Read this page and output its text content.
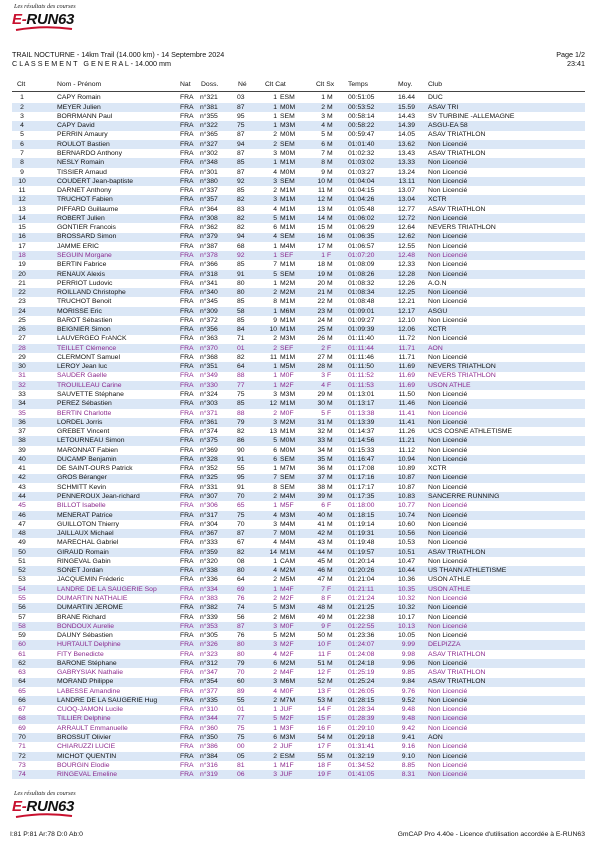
Les résultats des courses
E-RUN63
TRAIL NOCTURNE - 14km Trail (14.000 km) - 14 Septembre 2024
C L A S S E M E N T   G E N E R A L - 14.000 mm
Page 1/2
23:41
Clt	Nom - Prénom	Nat Doss.	Né	Clt Cat	Clt Sx Temps	Moy. Club
1	CAPY Romain	FRA n°321	03	1 ESM	1 M	00:51:05	16.44 DUC
2	MEYER Julien	FRA n°381	87	1 M0M	2 M	00:53:52	15.59 ASAV TRI
3	BORRMANN Paul	FRA n°355	95	1 SEM	3 M	00:58:14	14.43 SV TURBINE -ALLEMAGNE
4	CAPY David	FRA n°322	75	1 M3M	4 M	00:58:22	14.39 ASGU-EA 58
5	PERRIN Amaury	FRA n°365	87	2 M0M	5 M	00:59:47	14.05 ASAV TRIATHLON
6	ROULOT Bastien	FRA n°327	94	2 SEM	6 M	01:01:40	13.62 Non Licencié
7	BERNARDO Anthony	FRA n°302	87	3 M0M	7 M	01:02:32	13.43 ASAV TRIATHLON
8	NESLY Romain	FRA n°348	85	1 M1M	8 M	01:03:02	13.33 Non Licencié
9	TISSIER Arnaud	FRA n°301	87	4 M0M	9 M	01:03:27	13.24 Non Licencié
10	COUDERT Jean-baptiste	FRA n°380	92	3 SEM	10 M	01:04:04	13.11 Non Licencié
11	DARNET Anthony	FRA n°337	85	2 M1M	11 M	01:04:15	13.07 Non Licencié
12	TRUCHOT Fabien	FRA n°357	82	3 M1M	12 M	01:04:26	13.04 XCTR
13	PIFFARD Guillaume	FRA n°364	83	4 M1M	13 M	01:05:48	12.77 ASAV TRIATHLON
14	ROBERT Julien	FRA n°308	82	5 M1M	14 M	01:06:02	12.72 Non Licencié
15	GONTIER Francois	FRA n°362	82	6 M1M	15 M	01:06:29	12.64 NEVERS TRIATHLON
16	BROSSARD Simon	FRA n°379	94	4 SEM	16 M	01:06:35	12.62 Non Licencié
17	JAMME ERIC	FRA n°387	68	1 M4M	17 M	01:06:57	12.55 Non Licencié
18	SEGUIN Morgane	FRA n°378	92	1 SEF	1 F	01:07:20	12.48 Non Licencié
19	BERTIN Fabrice	FRA n°366	85	7 M1M	18 M	01:08:09	12.33 Non Licencié
20	RENAUX Alexis	FRA n°318	91	5 SEM	19 M	01:08:26	12.28 Non Licencié
21	PERRIOT Ludovic	FRA n°341	80	1 M2M	20 M	01:08:32	12.26 A.O.N
22	ROILLAND Christophe	FRA n°340	80	2 M2M	21 M	01:08:34	12.25 Non Licencié
23	TRUCHOT Benoit	FRA n°345	85	8 M1M	22 M	01:08:48	12.21 Non Licencié
24	MORISSE Eric	FRA n°309	58	1 M6M	23 M	01:09:01	12.17 ASGU
25	BAROT Sébastien	FRA n°372	85	9 M1M	24 M	01:09:27	12.10 Non Licencié
26	BEIGNIER Simon	FRA n°356	84	10 M1M	25 M	01:09:39	12.06 XCTR
27	LAUVERGEO FrANCK	FRA n°363	71	2 M3M	26 M	01:11:40	11.72 Non Licencié
28	TEILLET Clémence	FRA n°370	01	2 SEF	2 F	01:11:44	11.71 AON
29	CLERMONT Samuel	FRA n°368	82	11 M1M	27 M	01:11:46	11.71 Non Licencié
30	LEROY Jean luc	FRA n°351	64	1 M5M	28 M	01:11:50	11.69 NEVERS TRIATHLON
31	SAUDER Gaelle	FRA n°349	88	1 M0F	3 F	01:11:52	11.69 NEVERS TRIATHLON
32	TROUILLEAU Carine	FRA n°330	77	1 M2F	4 F	01:11:53	11.69 USON ATHLE
33	SAUVETTE Stéphane	FRA n°324	75	3 M3M	29 M	01:13:01	11.50 Non Licencié
34	PEREZ Sébastien	FRA n°303	85	12 M1M	30 M	01:13:17	11.46 Non Licencié
35	BERTIN Charlotte	FRA n°371	88	2 M0F	5 F	01:13:38	11.41 Non Licencié
36	LORDEL Jorris	FRA n°361	79	3 M2M	31 M	01:13:39	11.41 Non Licencié
37	GREBET Vincent	FRA n°374	82	13 M1M	32 M	01:14:37	11.26 UCS COSNE ATHLETISME
38	LETOURNEAU Simon	FRA n°375	86	5 M0M	33 M	01:14:56	11.21 Non Licencié
39	MARONNAT Fabien	FRA n°369	90	6 M0M	34 M	01:15:33	11.12 Non Licencié
40	DUCAMP Benjamin	FRA n°328	91	6 SEM	35 M	01:16:47	10.94 Non Licencié
41	DE SAINT-OURS Patrick	FRA n°352	55	1 M7M	36 M	01:17:08	10.89 XCTR
42	GROS Béranger	FRA n°325	95	7 SEM	37 M	01:17:16	10.87 Non Licencié
43	SCHMITT Kevin	FRA n°331	91	8 SEM	38 M	01:17:17	10.87 Non Licencié
44	PENNEROUX Jean-richard	FRA n°307	70	2 M4M	39 M	01:17:35	10.83 SANCERRE RUNNING
45	BILLOT Isabelle	FRA n°306	65	1 M5F	6 F	01:18:00	10.77 Non Licencié
46	MENERAT Patrice	FRA n°317	75	4 M3M	40 M	01:18:15	10.74 Non Licencié
47	GUILLOTON Thierry	FRA n°304	70	3 M4M	41 M	01:19:14	10.60 Non Licencié
48	JAILLAUX Michael	FRA n°367	87	7 M0M	42 M	01:19:31	10.56 Non Licencié
49	MARECHAL Gabriel	FRA n°333	67	4 M4M	43 M	01:19:48	10.53 Non Licencié
50	GIRAUD Romain	FRA n°359	82	14 M1M	44 M	01:19:57	10.51 ASAV TRIATHLON
51	RINGEVAL Gabin	FRA n°320	08	1 CAM	45 M	01:20:14	10.47 Non Licencié
52	SONET Jordan	FRA n°338	80	4 M2M	46 M	01:20:26	10.44 US THANN ATHLETISME
53	JACQUEMIN Fréderic	FRA n°336	64	2 M5M	47 M	01:21:04	10.36 USON ATHLE
54	LANDRE DE LA SAUGERIE Sop	FRA n°334	69	1 M4F	7 F	01:21:11	10.35 USON ATHLE
55	DUMARTIN NATHALIE	FRA n°383	76	2 M2F	8 F	01:21:24	10.32 Non Licencié
56	DUMARTIN JEROME	FRA n°382	74	5 M3M	48 M	01:21:25	10.32 Non Licencié
57	BRANE Richard	FRA n°339	56	2 M6M	49 M	01:22:38	10.17 Non Licencié
58	BONDOUX Aurelie	FRA n°353	87	3 M0F	9 F	01:22:55	10.13 Non Licencié
59	DAUNY Sébastien	FRA n°305	76	5 M2M	50 M	01:23:36	10.05 Non Licencié
60	HURTAULT Delphine	FRA n°326	80	3 M2F	10 F	01:24:07	9.99 DELPIZZA
61	FITY Benedicte	FRA n°323	80	4 M2F	11 F	01:24:08	9.98 ASAV TRIATHLON
62	BARONE Stéphane	FRA n°312	79	6 M2M	51 M	01:24:18	9.96 Non Licencié
63	GABRYSIAK Nathalie	FRA n°347	70	2 M4F	12 F	01:25:19	9.85 ASAV TRIATHLON
64	MORAND Philippe	FRA n°354	60	3 M6M	52 M	01:25:24	9.84 ASAV TRIATHLON
65	LABESSE Amandine	FRA n°377	89	4 M0F	13 F	01:26:05	9.76 Non Licencié
66	LANDRE DE LA SAUGERIE Hug	FRA n°335	55	2 M7M	53 M	01:28:15	9.52 Non Licencié
67	CUOQ-JAMON Lucile	FRA n°310	01	1 JUF	14 F	01:28:34	9.48 Non Licencié
68	TILLIER Delphine	FRA n°344	77	5 M2F	15 F	01:28:39	9.48 Non Licencié
69	ARRAULT Emmanuelle	FRA n°360	75	1 M3F	16 F	01:29:10	9.42 Non Licencié
70	BROSSUT Olivier	FRA n°350	75	6 M3M	54 M	01:29:18	9.41 AON
71	CHIARUZZI LUCIE	FRA n°386	00	2 JUF	17 F	01:31:41	9.16 Non Licencié
72	MICHOT QUENTIN	FRA n°384	05	2 ESM	55 M	01:32:19	9.10 Non Licencié
73	BOURGIN Elodie	FRA n°316	81	1 M1F	18 F	01:34:52	8.85 Non Licencié
74	RINGEVAL Emeline	FRA n°319	06	3 JUF	19 F	01:41:05	8.31 Non Licencié
Les résultats des courses
E-RUN63
I:81 P:81 Ar:78 D:0 Ab:0	GmCAP Pro 4.40e - Licence d'utilisation accordée à E-RUN63
